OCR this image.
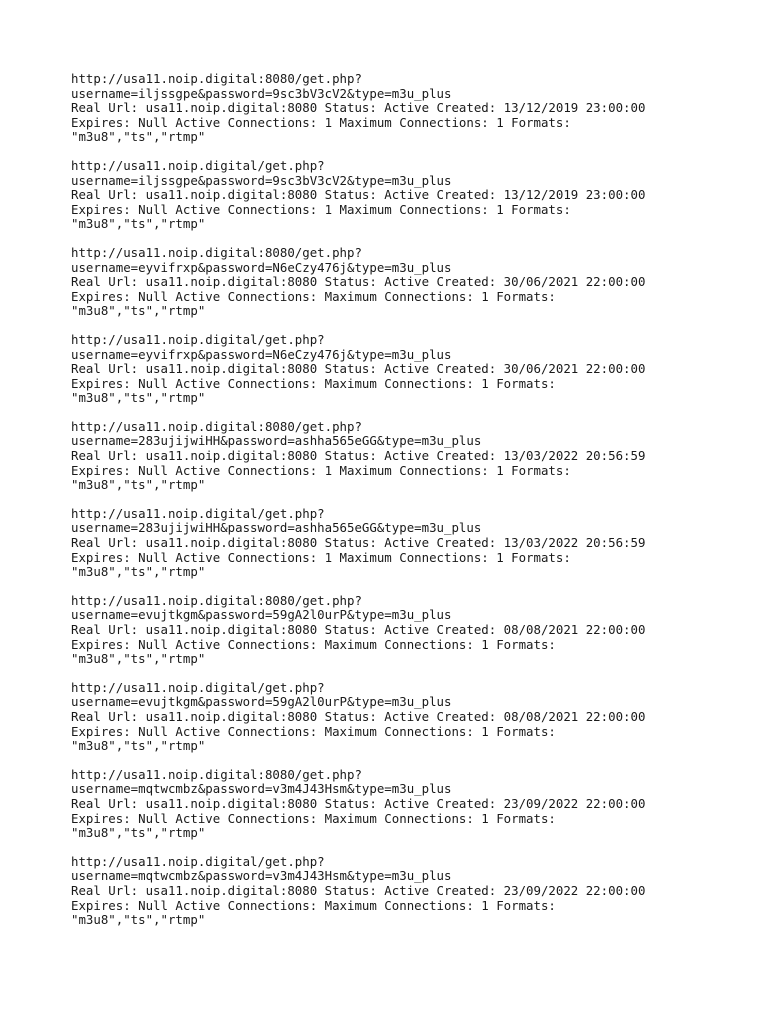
http://usa11.noip.digital:8080/get.php?
username=iljssgpe&password=9sc3bV3cV2&type=m3u_plus
Real Url: usa11.noip.digital:8080 Status: Active Created: 13/12/2019 23:00:00
Expires: Null Active Connections: 1 Maximum Connections: 1 Formats:
"m3u8","ts","rtmp"
http://usa11.noip.digital/get.php?
username=iljssgpe&password=9sc3bV3cV2&type=m3u_plus
Real Url: usa11.noip.digital:8080 Status: Active Created: 13/12/2019 23:00:00
Expires: Null Active Connections: 1 Maximum Connections: 1 Formats:
"m3u8","ts","rtmp"
http://usa11.noip.digital:8080/get.php?
username=eyvifrxp&password=N6eCzy476j&type=m3u_plus
Real Url: usa11.noip.digital:8080 Status: Active Created: 30/06/2021 22:00:00
Expires: Null Active Connections: Maximum Connections: 1 Formats:
"m3u8","ts","rtmp"
http://usa11.noip.digital/get.php?
username=eyvifrxp&password=N6eCzy476j&type=m3u_plus
Real Url: usa11.noip.digital:8080 Status: Active Created: 30/06/2021 22:00:00
Expires: Null Active Connections: Maximum Connections: 1 Formats:
"m3u8","ts","rtmp"
http://usa11.noip.digital:8080/get.php?
username=283ujijwiHH&password=ashha565eGG&type=m3u_plus
Real Url: usa11.noip.digital:8080 Status: Active Created: 13/03/2022 20:56:59
Expires: Null Active Connections: 1 Maximum Connections: 1 Formats:
"m3u8","ts","rtmp"
http://usa11.noip.digital/get.php?
username=283ujijwiHH&password=ashha565eGG&type=m3u_plus
Real Url: usa11.noip.digital:8080 Status: Active Created: 13/03/2022 20:56:59
Expires: Null Active Connections: 1 Maximum Connections: 1 Formats:
"m3u8","ts","rtmp"
http://usa11.noip.digital:8080/get.php?
username=evujtkgm&password=59gA2l0urP&type=m3u_plus
Real Url: usa11.noip.digital:8080 Status: Active Created: 08/08/2021 22:00:00
Expires: Null Active Connections: Maximum Connections: 1 Formats:
"m3u8","ts","rtmp"
http://usa11.noip.digital/get.php?
username=evujtkgm&password=59gA2l0urP&type=m3u_plus
Real Url: usa11.noip.digital:8080 Status: Active Created: 08/08/2021 22:00:00
Expires: Null Active Connections: Maximum Connections: 1 Formats:
"m3u8","ts","rtmp"
http://usa11.noip.digital:8080/get.php?
username=mqtwcmbz&password=v3m4J43Hsm&type=m3u_plus
Real Url: usa11.noip.digital:8080 Status: Active Created: 23/09/2022 22:00:00
Expires: Null Active Connections: Maximum Connections: 1 Formats:
"m3u8","ts","rtmp"
http://usa11.noip.digital/get.php?
username=mqtwcmbz&password=v3m4J43Hsm&type=m3u_plus
Real Url: usa11.noip.digital:8080 Status: Active Created: 23/09/2022 22:00:00
Expires: Null Active Connections: Maximum Connections: 1 Formats:
"m3u8","ts","rtmp"
